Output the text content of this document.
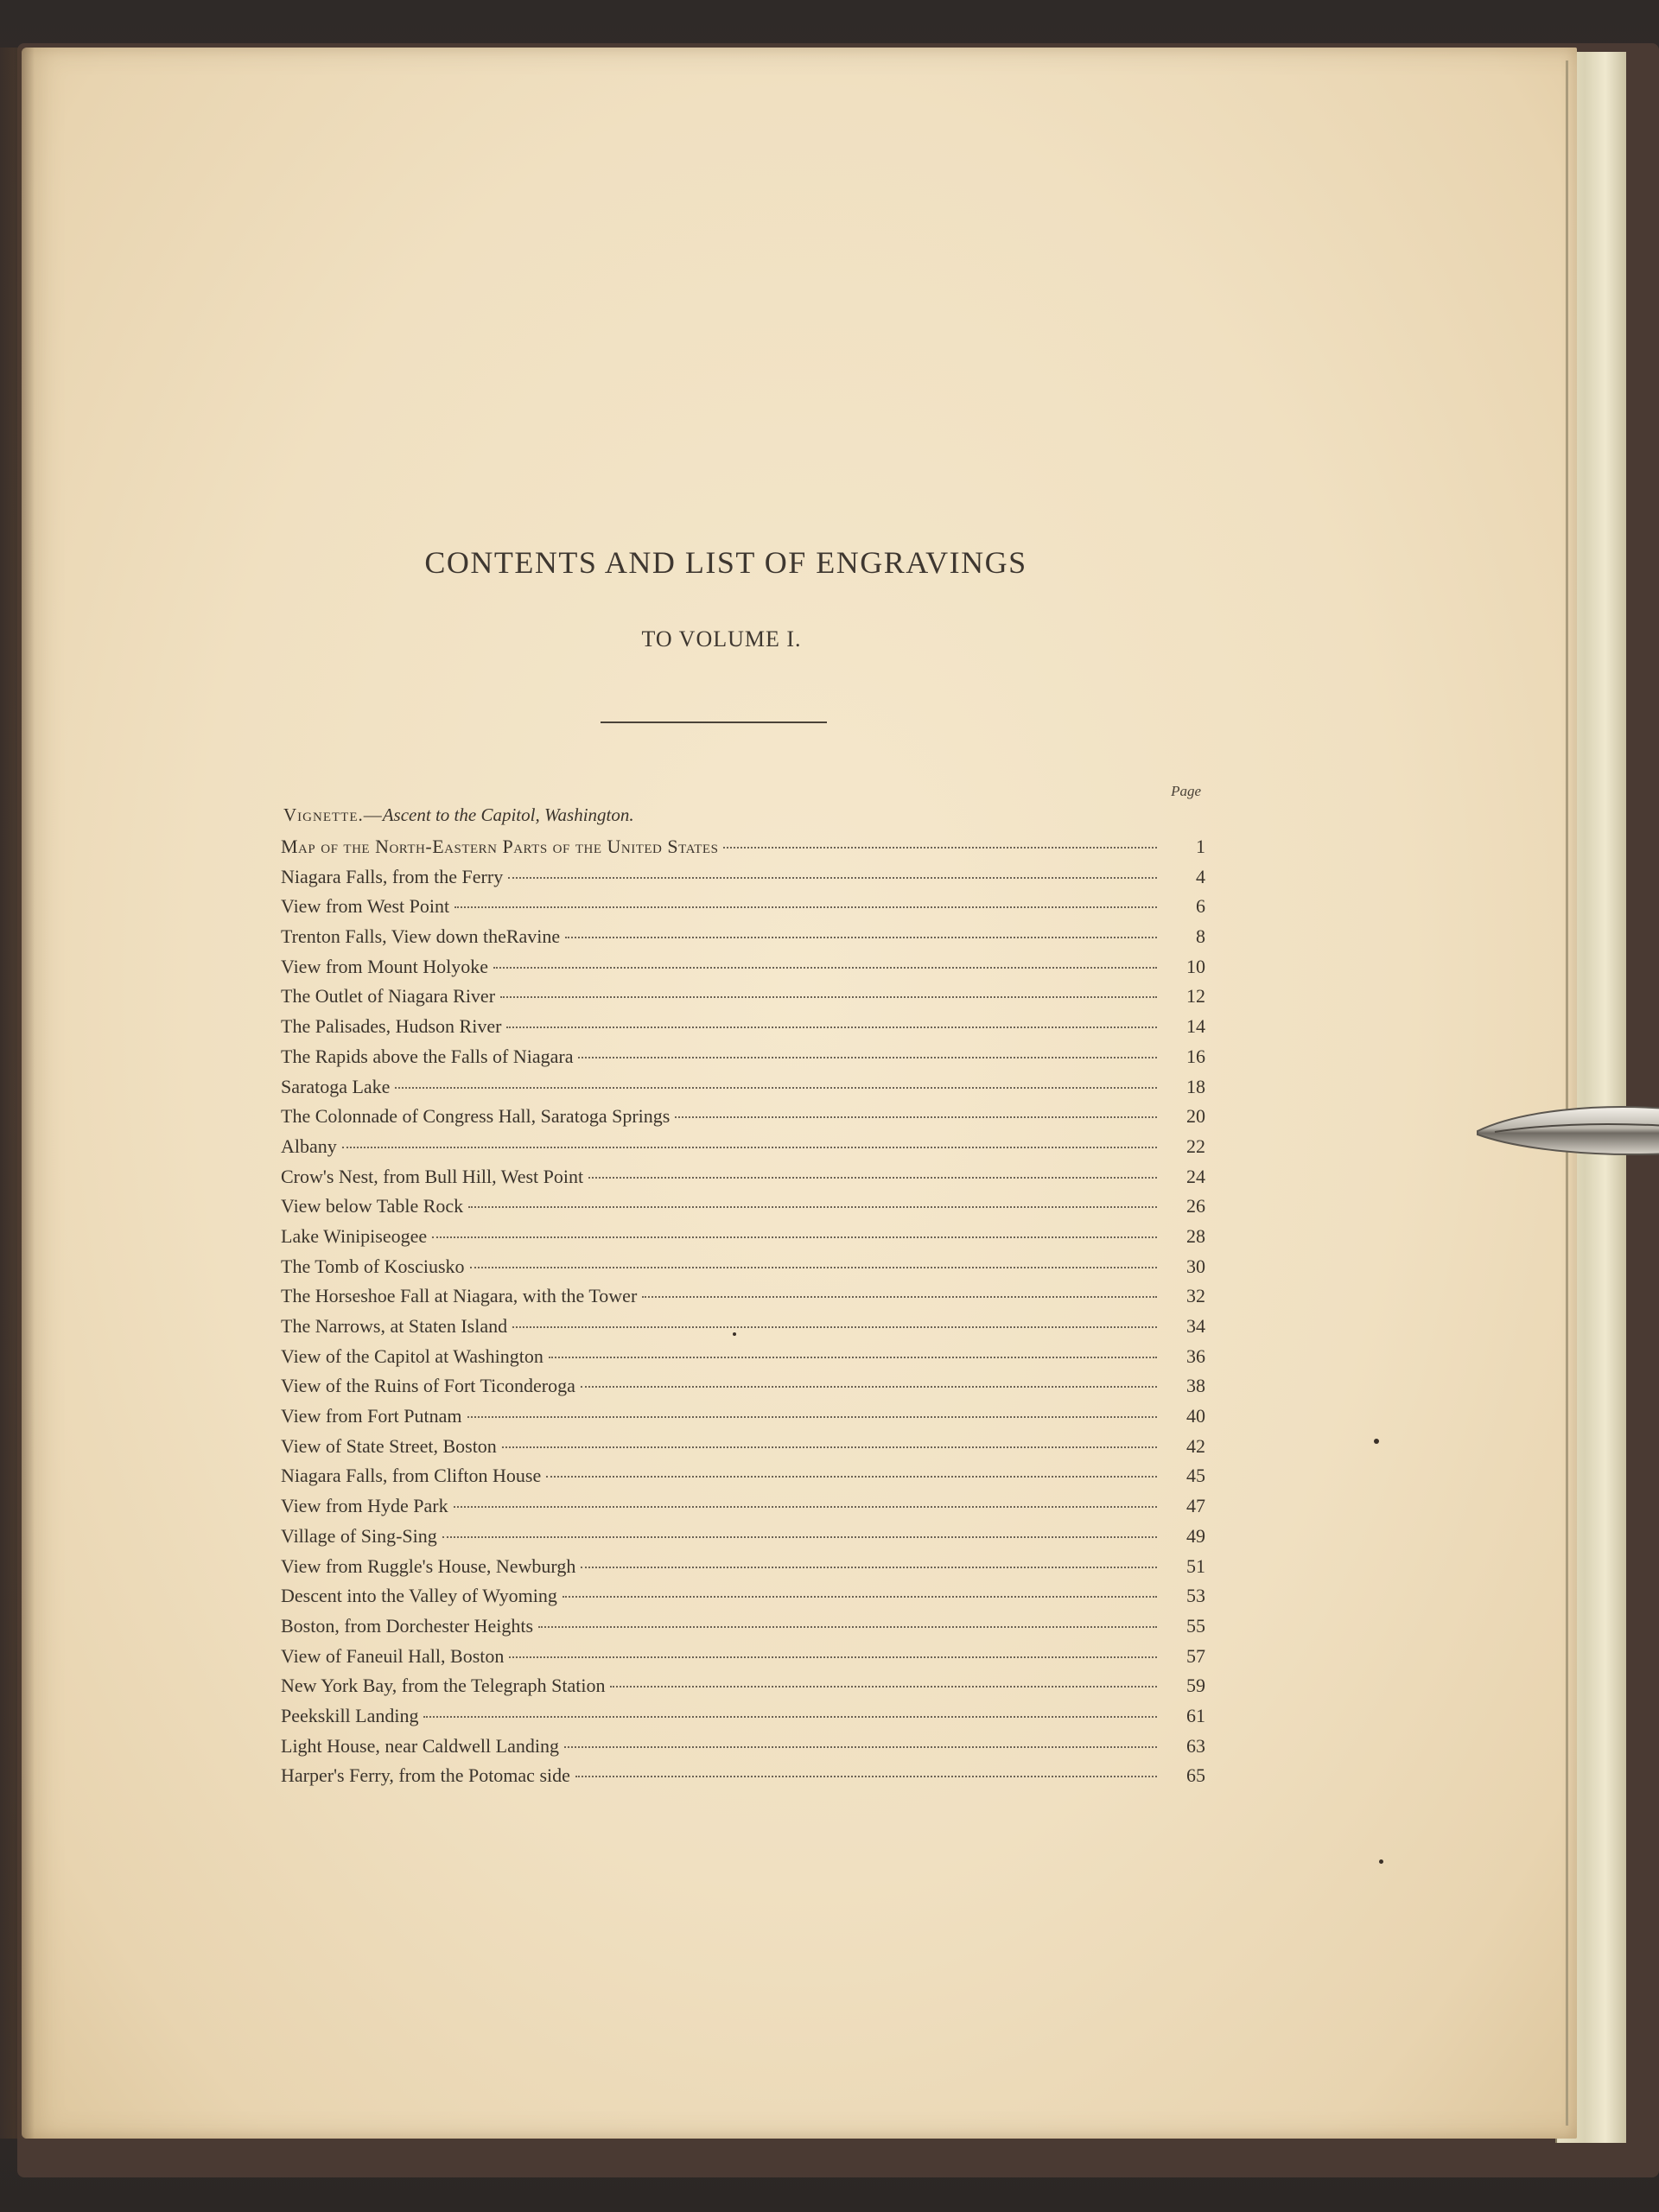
CONTENTS AND LIST OF ENGRAVINGS
TO VOLUME I.
Page
Vignette.—Ascent to the Capitol, Washington.
Map of the North-Eastern Parts of the United States	1
Niagara Falls, from the Ferry	4
View from West Point	6
Trenton Falls, View down theRavine	8
View from Mount Holyoke	10
The Outlet of Niagara River	12
The Palisades, Hudson River	14
The Rapids above the Falls of Niagara	16
Saratoga Lake	18
The Colonnade of Congress Hall, Saratoga Springs	20
Albany	22
Crow's Nest, from Bull Hill, West Point	24
View below Table Rock	26
Lake Winipiseogee	28
The Tomb of Kosciusko	30
The Horseshoe Fall at Niagara, with the Tower	32
The Narrows, at Staten Island	34
View of the Capitol at Washington	36
View of the Ruins of Fort Ticonderoga	38
View from Fort Putnam	40
View of State Street, Boston	42
Niagara Falls, from Clifton House	45
View from Hyde Park	47
Village of Sing-Sing	49
View from Ruggle's House, Newburgh	51
Descent into the Valley of Wyoming	53
Boston, from Dorchester Heights	55
View of Faneuil Hall, Boston	57
New York Bay, from the Telegraph Station	59
Peekskill Landing	61
Light House, near Caldwell Landing	63
Harper's Ferry, from the Potomac side	65
